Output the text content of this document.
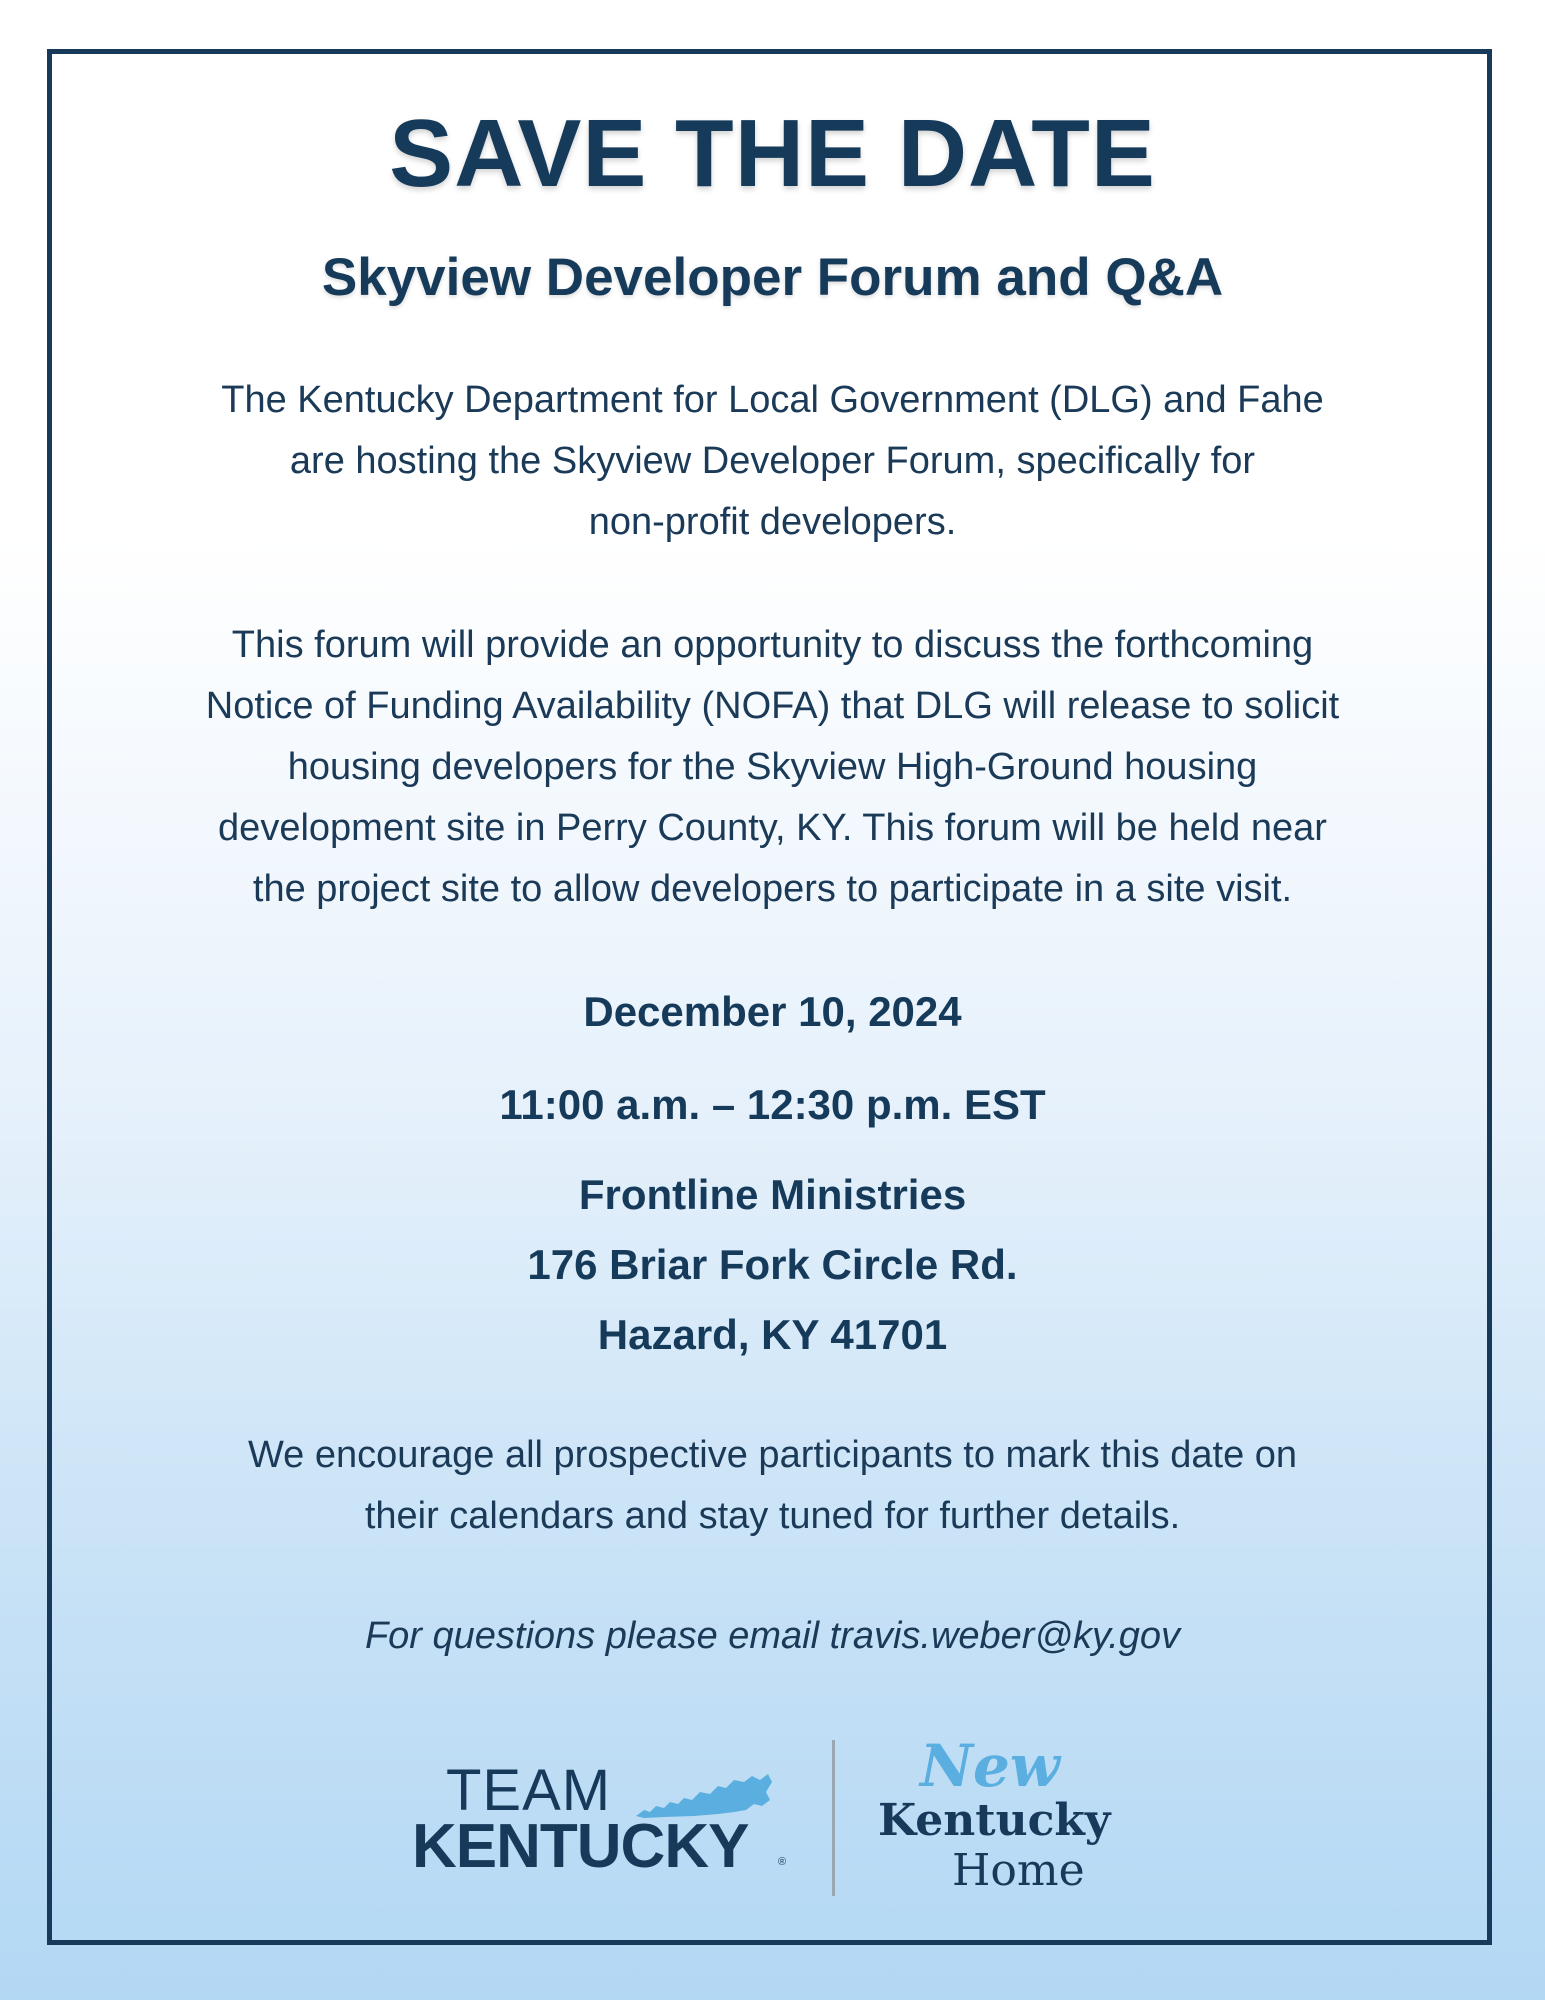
SAVE THE DATE
Skyview Developer Forum and Q&A
The Kentucky Department for Local Government (DLG) and Fahe
are hosting the Skyview Developer Forum, specifically for
non-profit developers.
This forum will provide an opportunity to discuss the forthcoming
Notice of Funding Availability (NOFA) that DLG will release to solicit
housing developers for the Skyview High-Ground housing
development site in Perry County, KY. This forum will be held near
the project site to allow developers to participate in a site visit.
December 10, 2024
11:00 a.m. – 12:30 p.m. EST
Frontline Ministries
176 Briar Fork Circle Rd.
Hazard, KY 41701
We encourage all prospective participants to mark this date on
their calendars and stay tuned for further details.
For questions please email travis.weber@ky.gov
TEAM
KENTUCKY	®
New
Kentucky
Home
